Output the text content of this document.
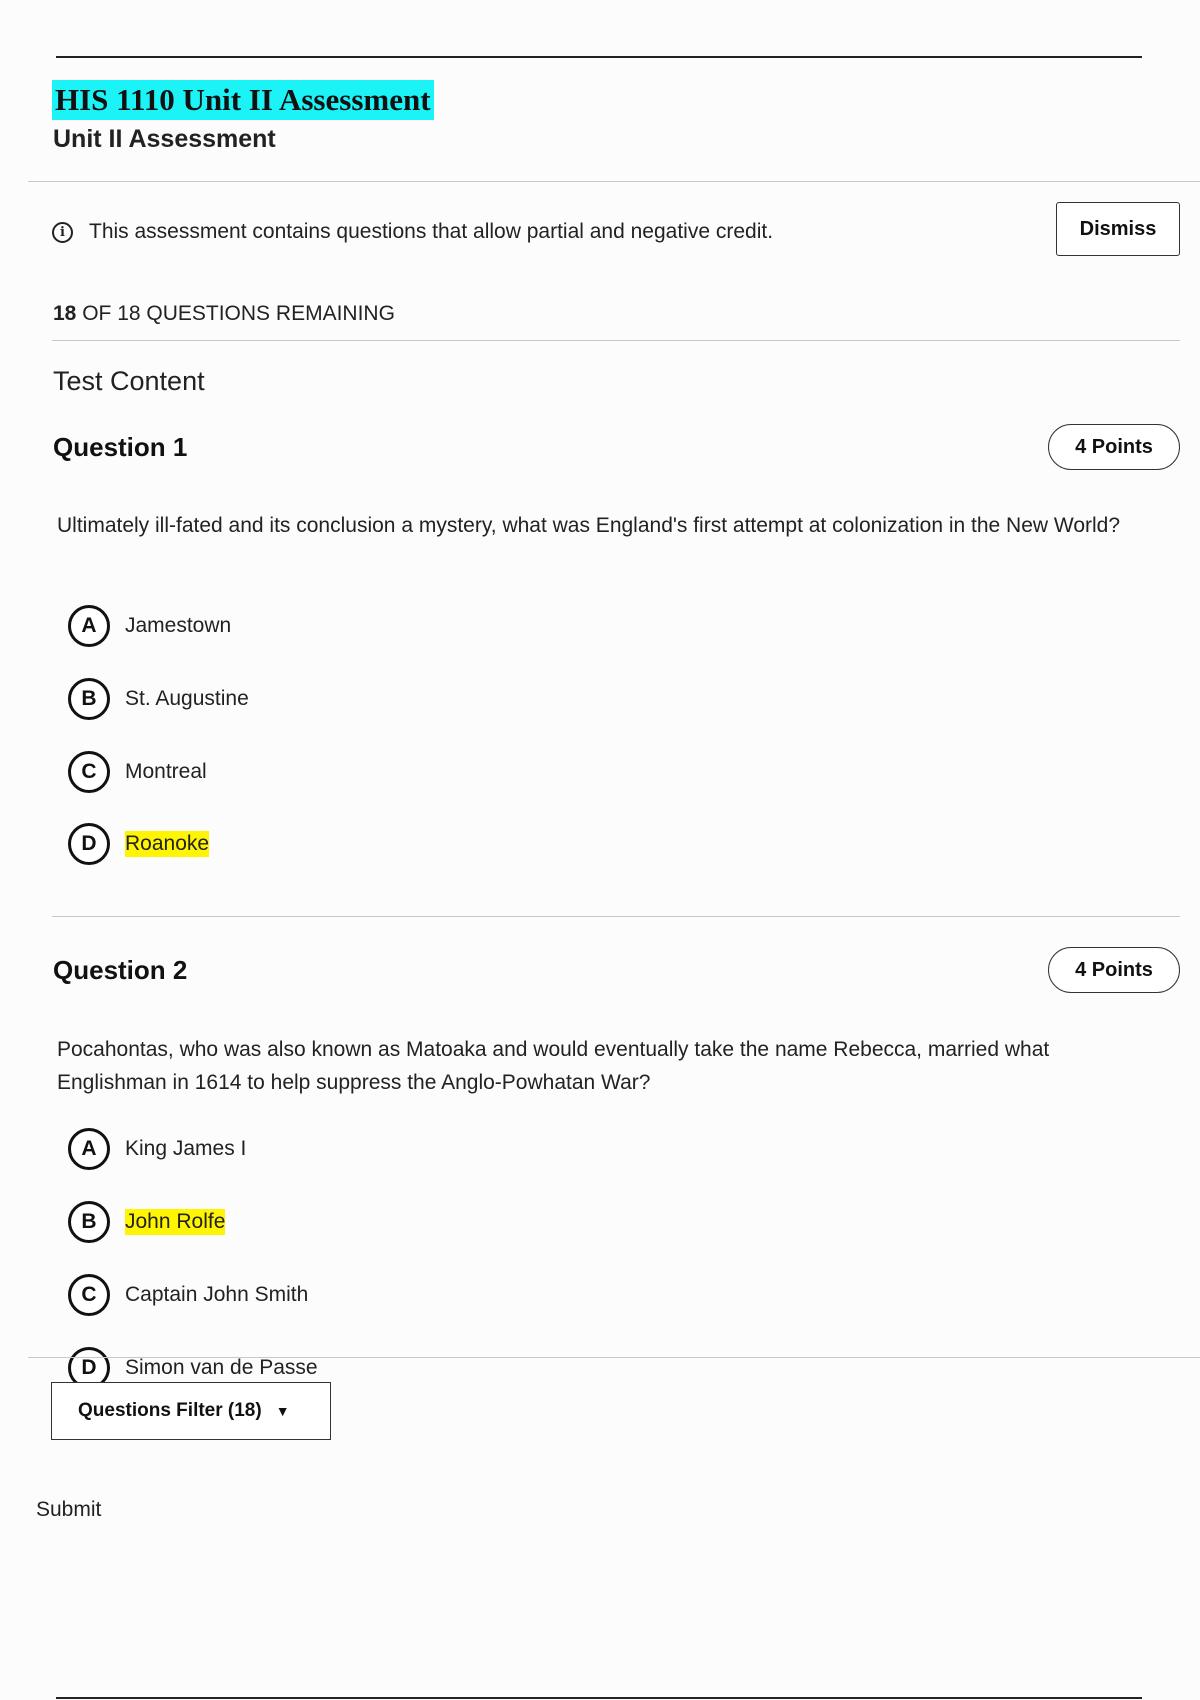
HIS 1110 Unit II Assessment
Unit II Assessment
i	This assessment contains questions that allow partial and negative credit.	Dismiss
18 OF 18 QUESTIONS REMAINING
Test Content
Question 1	4 Points
Ultimately ill-fated and its conclusion a mystery, what was England's first attempt at colonization in the New World?
A	Jamestown
B	St. Augustine
C	Montreal
D	Roanoke
Question 2	4 Points
Pocahontas, who was also known as Matoaka and would eventually take the name Rebecca, married what Englishman in 1614 to help suppress the Anglo-Powhatan War?
A	King James I
B	John Rolfe
C	Captain John Smith
D	Simon van de Passe
Questions Filter (18) ▼
Submit
